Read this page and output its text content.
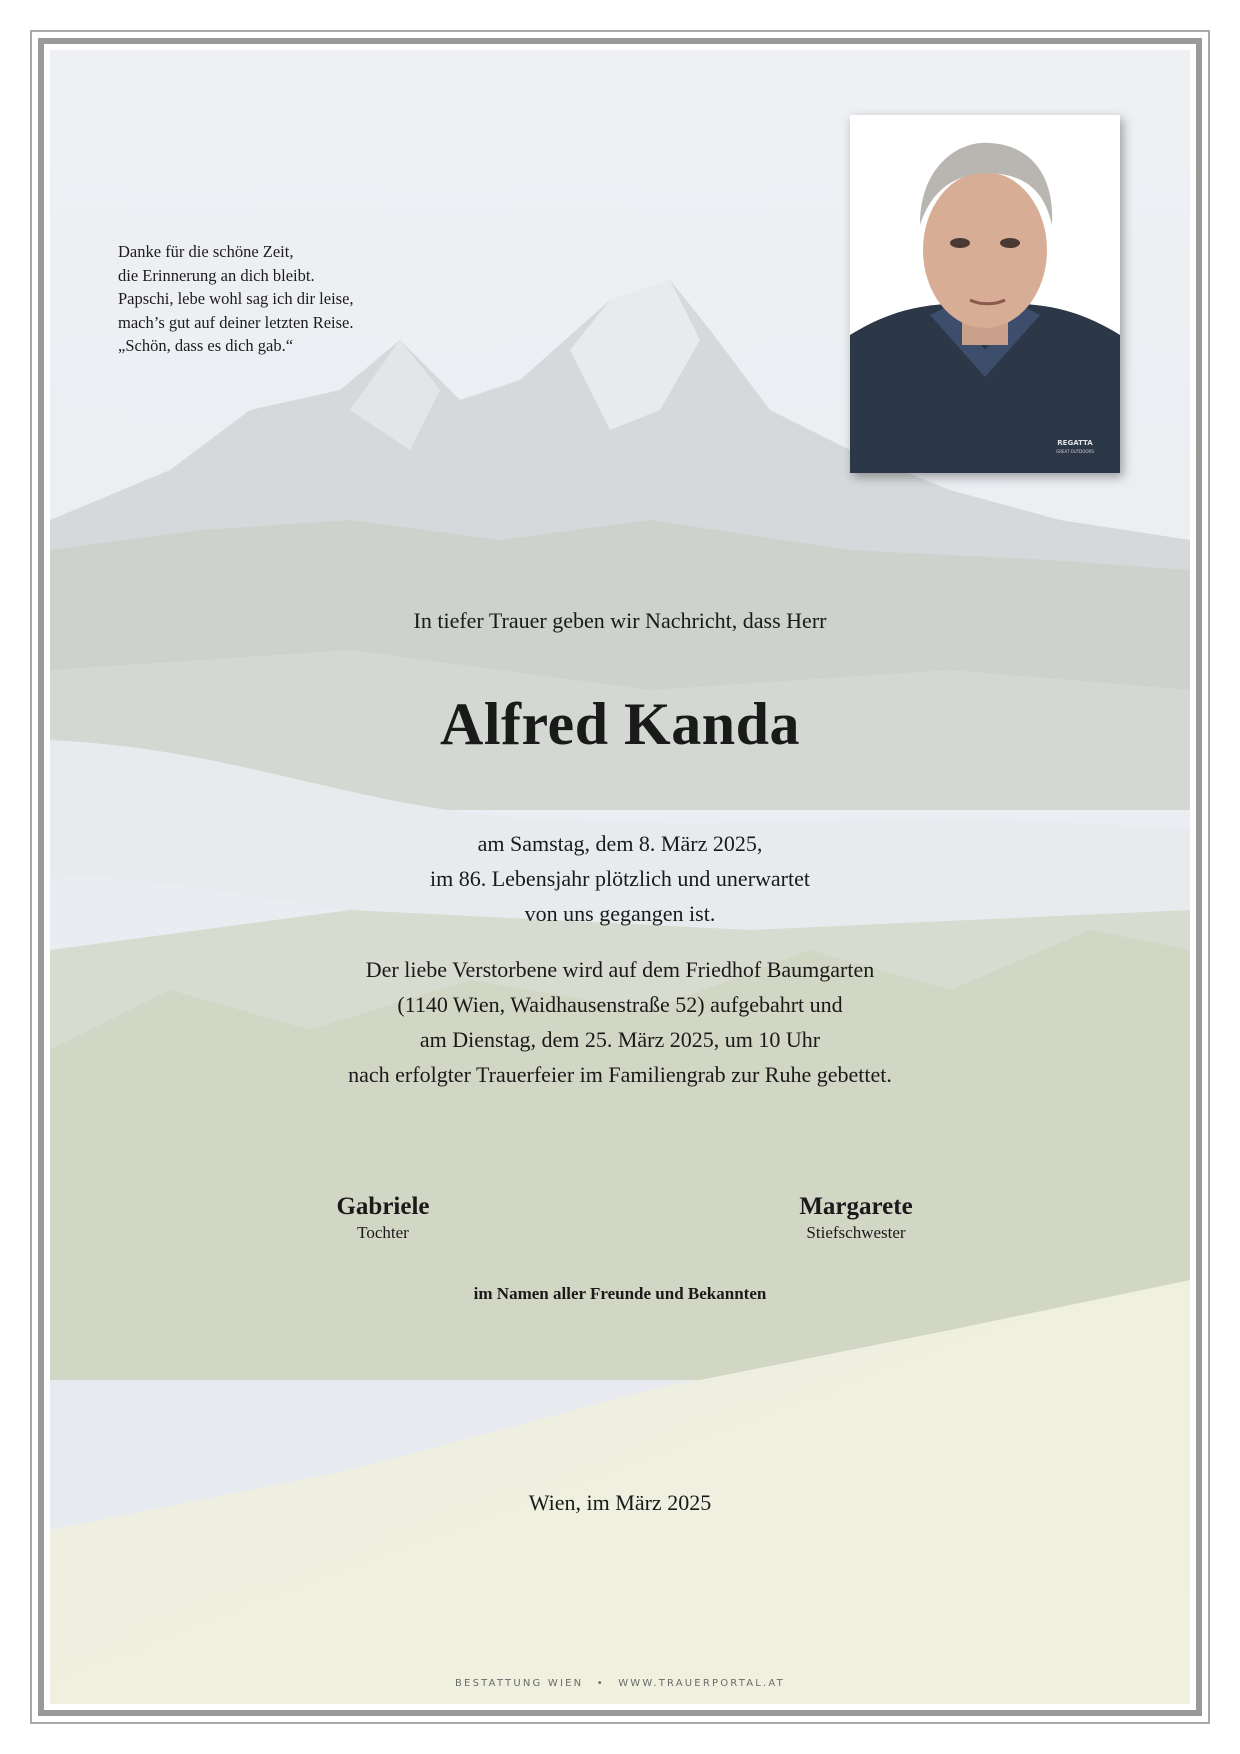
Danke für die schöne Zeit,
die Erinnerung an dich bleibt.
Papschi, lebe wohl sag ich dir leise,
mach’s gut auf deiner letzten Reise.
„Schön, dass es dich gab.“
REGATTA
GREAT OUTDOORS
In tiefer Trauer geben wir Nachricht, dass Herr
Alfred Kanda
am Samstag, dem 8. März 2025,
im 86. Lebensjahr plötzlich und unerwartet
von uns gegangen ist.
Der liebe Verstorbene wird auf dem Friedhof Baumgarten
(1140 Wien, Waidhausenstraße 52) aufgebahrt und
am Dienstag, dem 25. März 2025, um 10 Uhr
nach erfolgter Trauerfeier im Familiengrab zur Ruhe gebettet.
Gabriele
Tochter
Margarete
Stiefschwester
im Namen aller Freunde und Bekannten
Wien, im März 2025
BESTATTUNG WIEN • WWW.TRAUERPORTAL.AT
